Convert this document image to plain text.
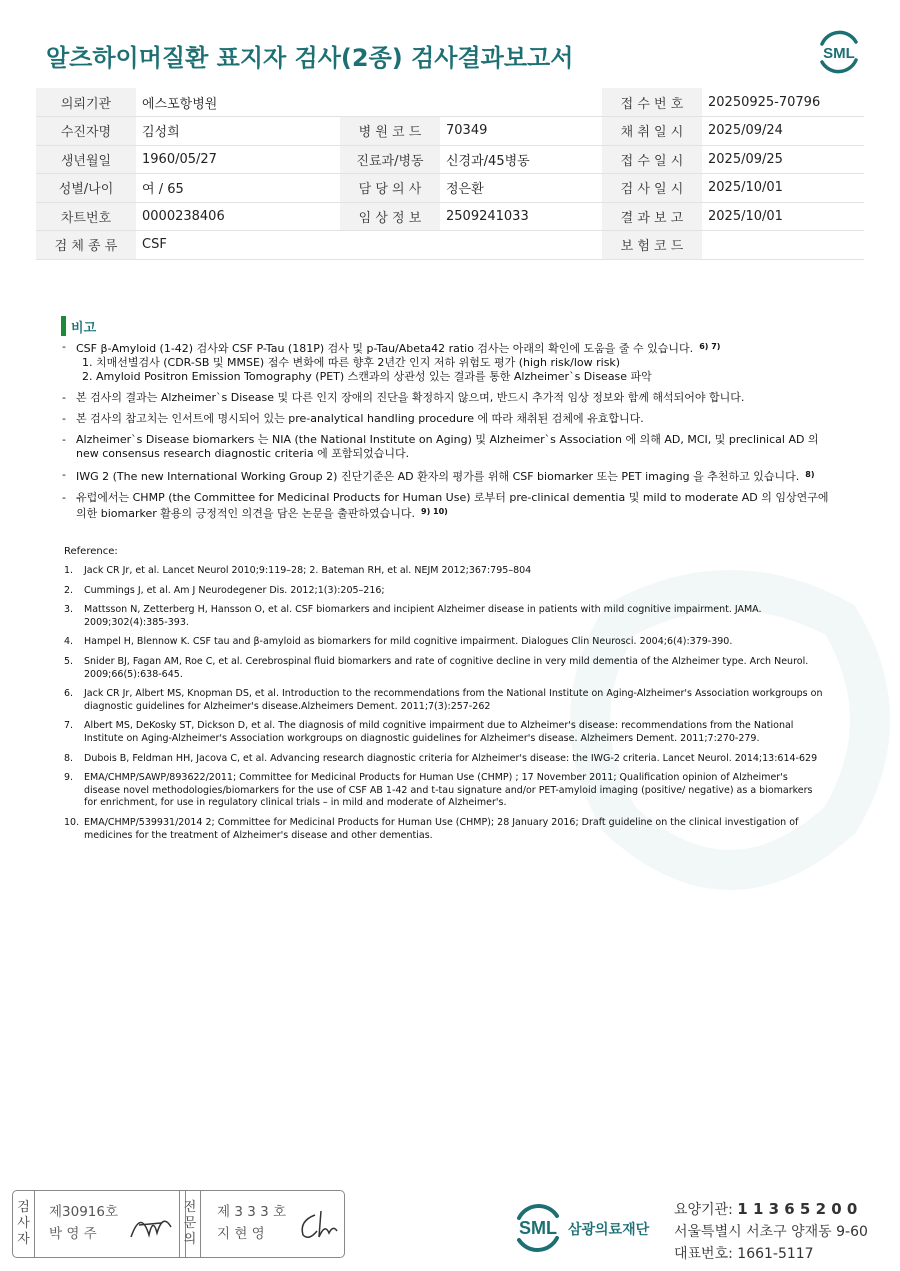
알츠하이머질환 표지자 검사(2종) 검사결과보고서	SML
의뢰기관	에스포항병원			접 수 번 호	20250925-70796
수진자명	김성희	병 원 코 드	70349	채 취 일 시	2025/09/24
생년월일	1960/05/27	진료과/병동	신경과/45병동	접 수 일 시	2025/09/25
성별/나이	여 / 65	담 당 의 사	정은환	검 사 일 시	2025/10/01
차트번호	0000238406	임 상 정 보	2509241033	결 과 보 고	2025/10/01
검 체 종 류	CSF			보 험 코 드	
비고
- CSF β-Amyloid (1-42) 검사와 CSF P-Tau (181P) 검사 및 p-Tau/Abeta42 ratio 검사는 아래의 확인에 도움을 줄 수 있습니다. $^{6) 7)}$
1. 치매선별검사 (CDR-SB 및 MMSE) 점수 변화에 따른 향후 2년간 인지 저하 위험도 평가 (high risk/low risk)
2. Amyloid Positron Emission Tomography (PET) 스캔과의 상관성 있는 결과를 통한 Alzheimer`s Disease 파악
- 본 검사의 결과는 Alzheimer`s Disease 및 다른 인지 장애의 진단을 확정하지 않으며, 반드시 추가적 임상 정보와 함께 해석되어야 합니다.
- 본 검사의 참고치는 인서트에 명시되어 있는 pre-analytical handling procedure 에 따라 채취된 검체에 유효합니다.
- Alzheimer`s Disease biomarkers 는 NIA (the National Institute on Aging) 및 Alzheimer`s Association 에 의해 AD, MCI, 및 preclinical AD 의 new consensus research diagnostic criteria 에 포함되었습니다.
- IWG 2 (The new International Working Group 2) 진단기준은 AD 환자의 평가를 위해 CSF biomarker 또는 PET imaging 을 추천하고 있습니다. $^{8)}$
- 유럽에서는 CHMP (the Committee for Medicinal Products for Human Use) 로부터 pre-clinical dementia 및 mild to moderate AD 의 임상연구에 의한 biomarker 활용의 긍정적인 의견을 담은 논문을 출판하였습니다. $^{9) 10)}$
Reference:
1.	Jack CR Jr, et al. Lancet Neurol 2010;9:119–28; 2. Bateman RH, et al. NEJM 2012;367:795–804
2.	Cummings J, et al. Am J Neurodegener Dis. 2012;1(3):205–216;
3.	Mattsson N, Zetterberg H, Hansson O, et al. CSF biomarkers and incipient Alzheimer disease in patients with mild cognitive impairment. JAMA. 2009;302(4):385-393.
4.	Hampel H, Blennow K. CSF tau and β-amyloid as biomarkers for mild cognitive impairment. Dialogues Clin Neurosci. 2004;6(4):379-390.
5.	Snider BJ, Fagan AM, Roe C, et al. Cerebrospinal fluid biomarkers and rate of cognitive decline in very mild dementia of the Alzheimer type. Arch Neurol. 2009;66(5):638-645.
6.	Jack CR Jr, Albert MS, Knopman DS, et al. Introduction to the recommendations from the National Institute on Aging-Alzheimer's Association workgroups on diagnostic guidelines for Alzheimer's disease.Alzheimers Dement. 2011;7(3):257-262
7.	Albert MS, DeKosky ST, Dickson D, et al. The diagnosis of mild cognitive impairment due to Alzheimer's disease: recommendations from the National Institute on Aging-Alzheimer's Association workgroups on diagnostic guidelines for Alzheimer's disease. Alzheimers Dement. 2011;7:270-279.
8.	Dubois B, Feldman HH, Jacova C, et al. Advancing research diagnostic criteria for Alzheimer's disease: the IWG-2 criteria. Lancet Neurol. 2014;13:614-629
9.	EMA/CHMP/SAWP/893622/2011; Committee for Medicinal Products for Human Use (CHMP) ; 17 November 2011; Qualification opinion of Alzheimer's disease novel methodologies/biomarkers for the use of CSF AB 1-42 and t-tau signature and/or PET-amyloid imaging (positive/ negative) as a biomarkers for enrichment, for use in regulatory clinical trials – in mild and moderate of Alzheimer's.
10. EMA/CHMP/539931/2014 2; Committee for Medicinal Products for Human Use (CHMP); 28 January 2016; Draft guideline on the clinical investigation of medicines for the treatment of Alzheimer's disease and other dementias.
검
사
자
제30916호
박 영 주
전
문
의
제 3 3 3 호
지 현 영	SML 삼광의료재단
요양기관: 1 1 3 6 5 2 0 0
서울특별시 서초구 양재동 9-60
대표번호: 1661-5117
